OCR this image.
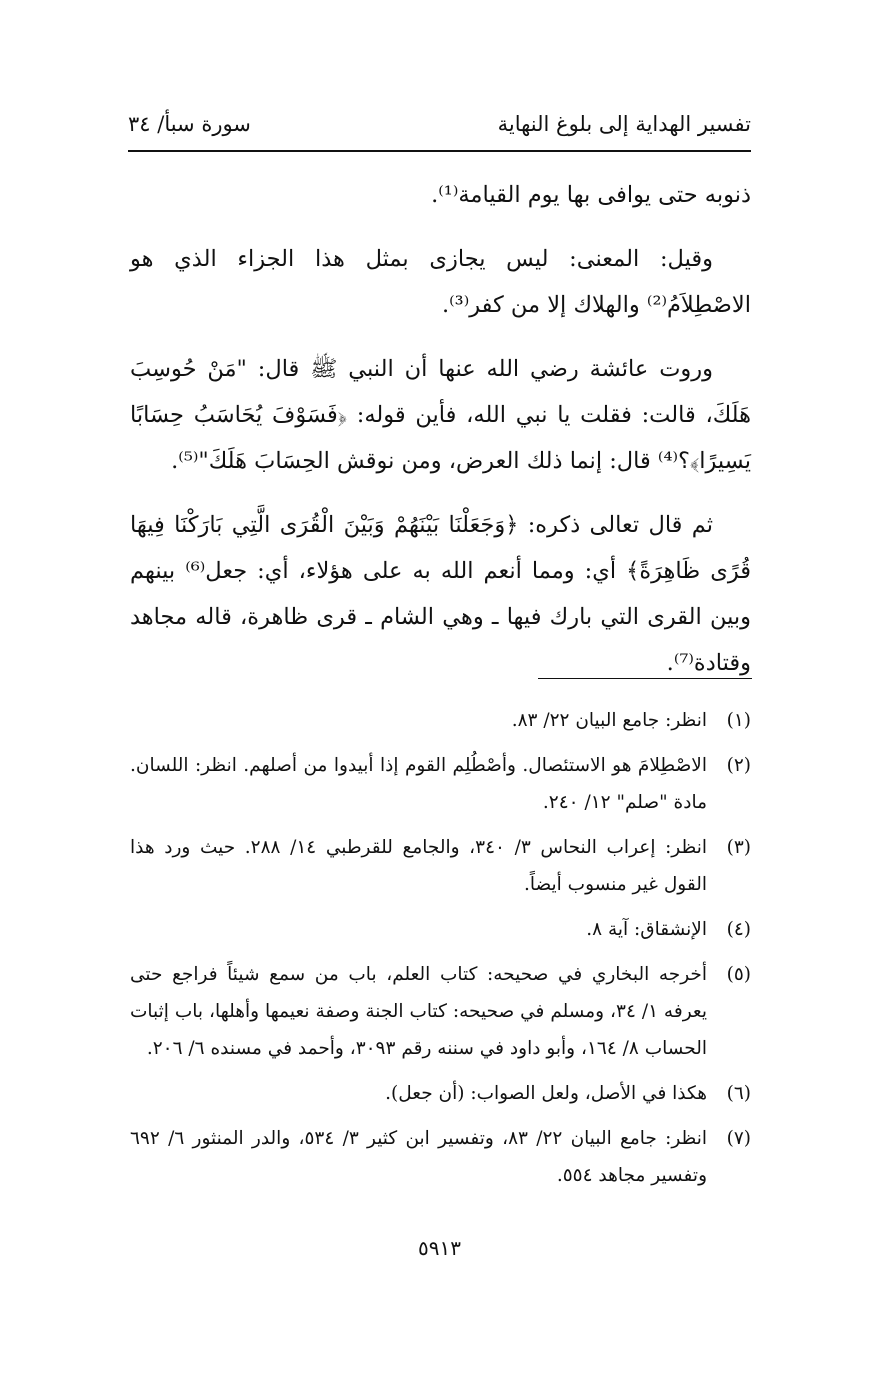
تفسير الهداية إلى بلوغ النهاية
سورة سبأ/ ٣٤

ذنوبه حتى يوافى بها يوم القيامة⁽¹⁾.

وقيل: المعنى: ليس يجازى بمثل هذا الجزاء الذي هو الاصْطِلاَمُ⁽²⁾ والهلاك إلا من كفر⁽³⁾.

وروت عائشة رضي الله عنها أن النبي ﷺ قال: "مَنْ حُوسِبَ هَلَكَ، قالت: فقلت يا نبي الله، فأين قوله: ﴿فَسَوْفَ يُحَاسَبُ حِسَابًا يَسِيرًا﴾؟⁽⁴⁾ قال: إنما ذلك العرض، ومن نوقش الحِسَابَ هَلَكَ"⁽⁵⁾.

ثم قال تعالى ذكره: ﴿وَجَعَلْنَا بَيْنَهُمْ وَبَيْنَ الْقُرَى الَّتِي بَارَكْنَا فِيهَا قُرًى ظَاهِرَةً﴾ أي: ومما أنعم الله به على هؤلاء، أي: جعل⁽⁶⁾ بينهم وبين القرى التي بارك فيها ـ وهي الشام ـ قرى ظاهرة، قاله مجاهد وقتادة⁽⁷⁾.

(١)
انظر: جامع البيان ٢٢/ ٨٣.
(٢)
الاصْطِلامَ هو الاستئصال. وأصْطُلِم القوم إذا أبيدوا من أصلهم. انظر: اللسان. مادة "صلم" ١٢/ ٢٤٠.
(٣)
انظر: إعراب النحاس ٣/ ٣٤٠، والجامع للقرطبي ١٤/ ٢٨٨. حيث ورد هذا القول غير منسوب أيضاً.
(٤)
الإنشقاق: آية ٨.
(٥)
أخرجه البخاري في صحيحه: كتاب العلم، باب من سمع شيئاً فراجع حتى يعرفه ١/ ٣٤، ومسلم في صحيحه: كتاب الجنة وصفة نعيمها وأهلها، باب إثبات الحساب ٨/ ١٦٤، وأبو داود في سننه رقم ٣٠٩٣، وأحمد في مسنده ٦/ ٢٠٦.
(٦)
هكذا في الأصل، ولعل الصواب: (أن جعل).
(٧)
انظر: جامع البيان ٢٢/ ٨٣، وتفسير ابن كثير ٣/ ٥٣٤، والدر المنثور ٦/ ٦٩٢ وتفسير مجاهد ٥٥٤.
٥٩١٣
